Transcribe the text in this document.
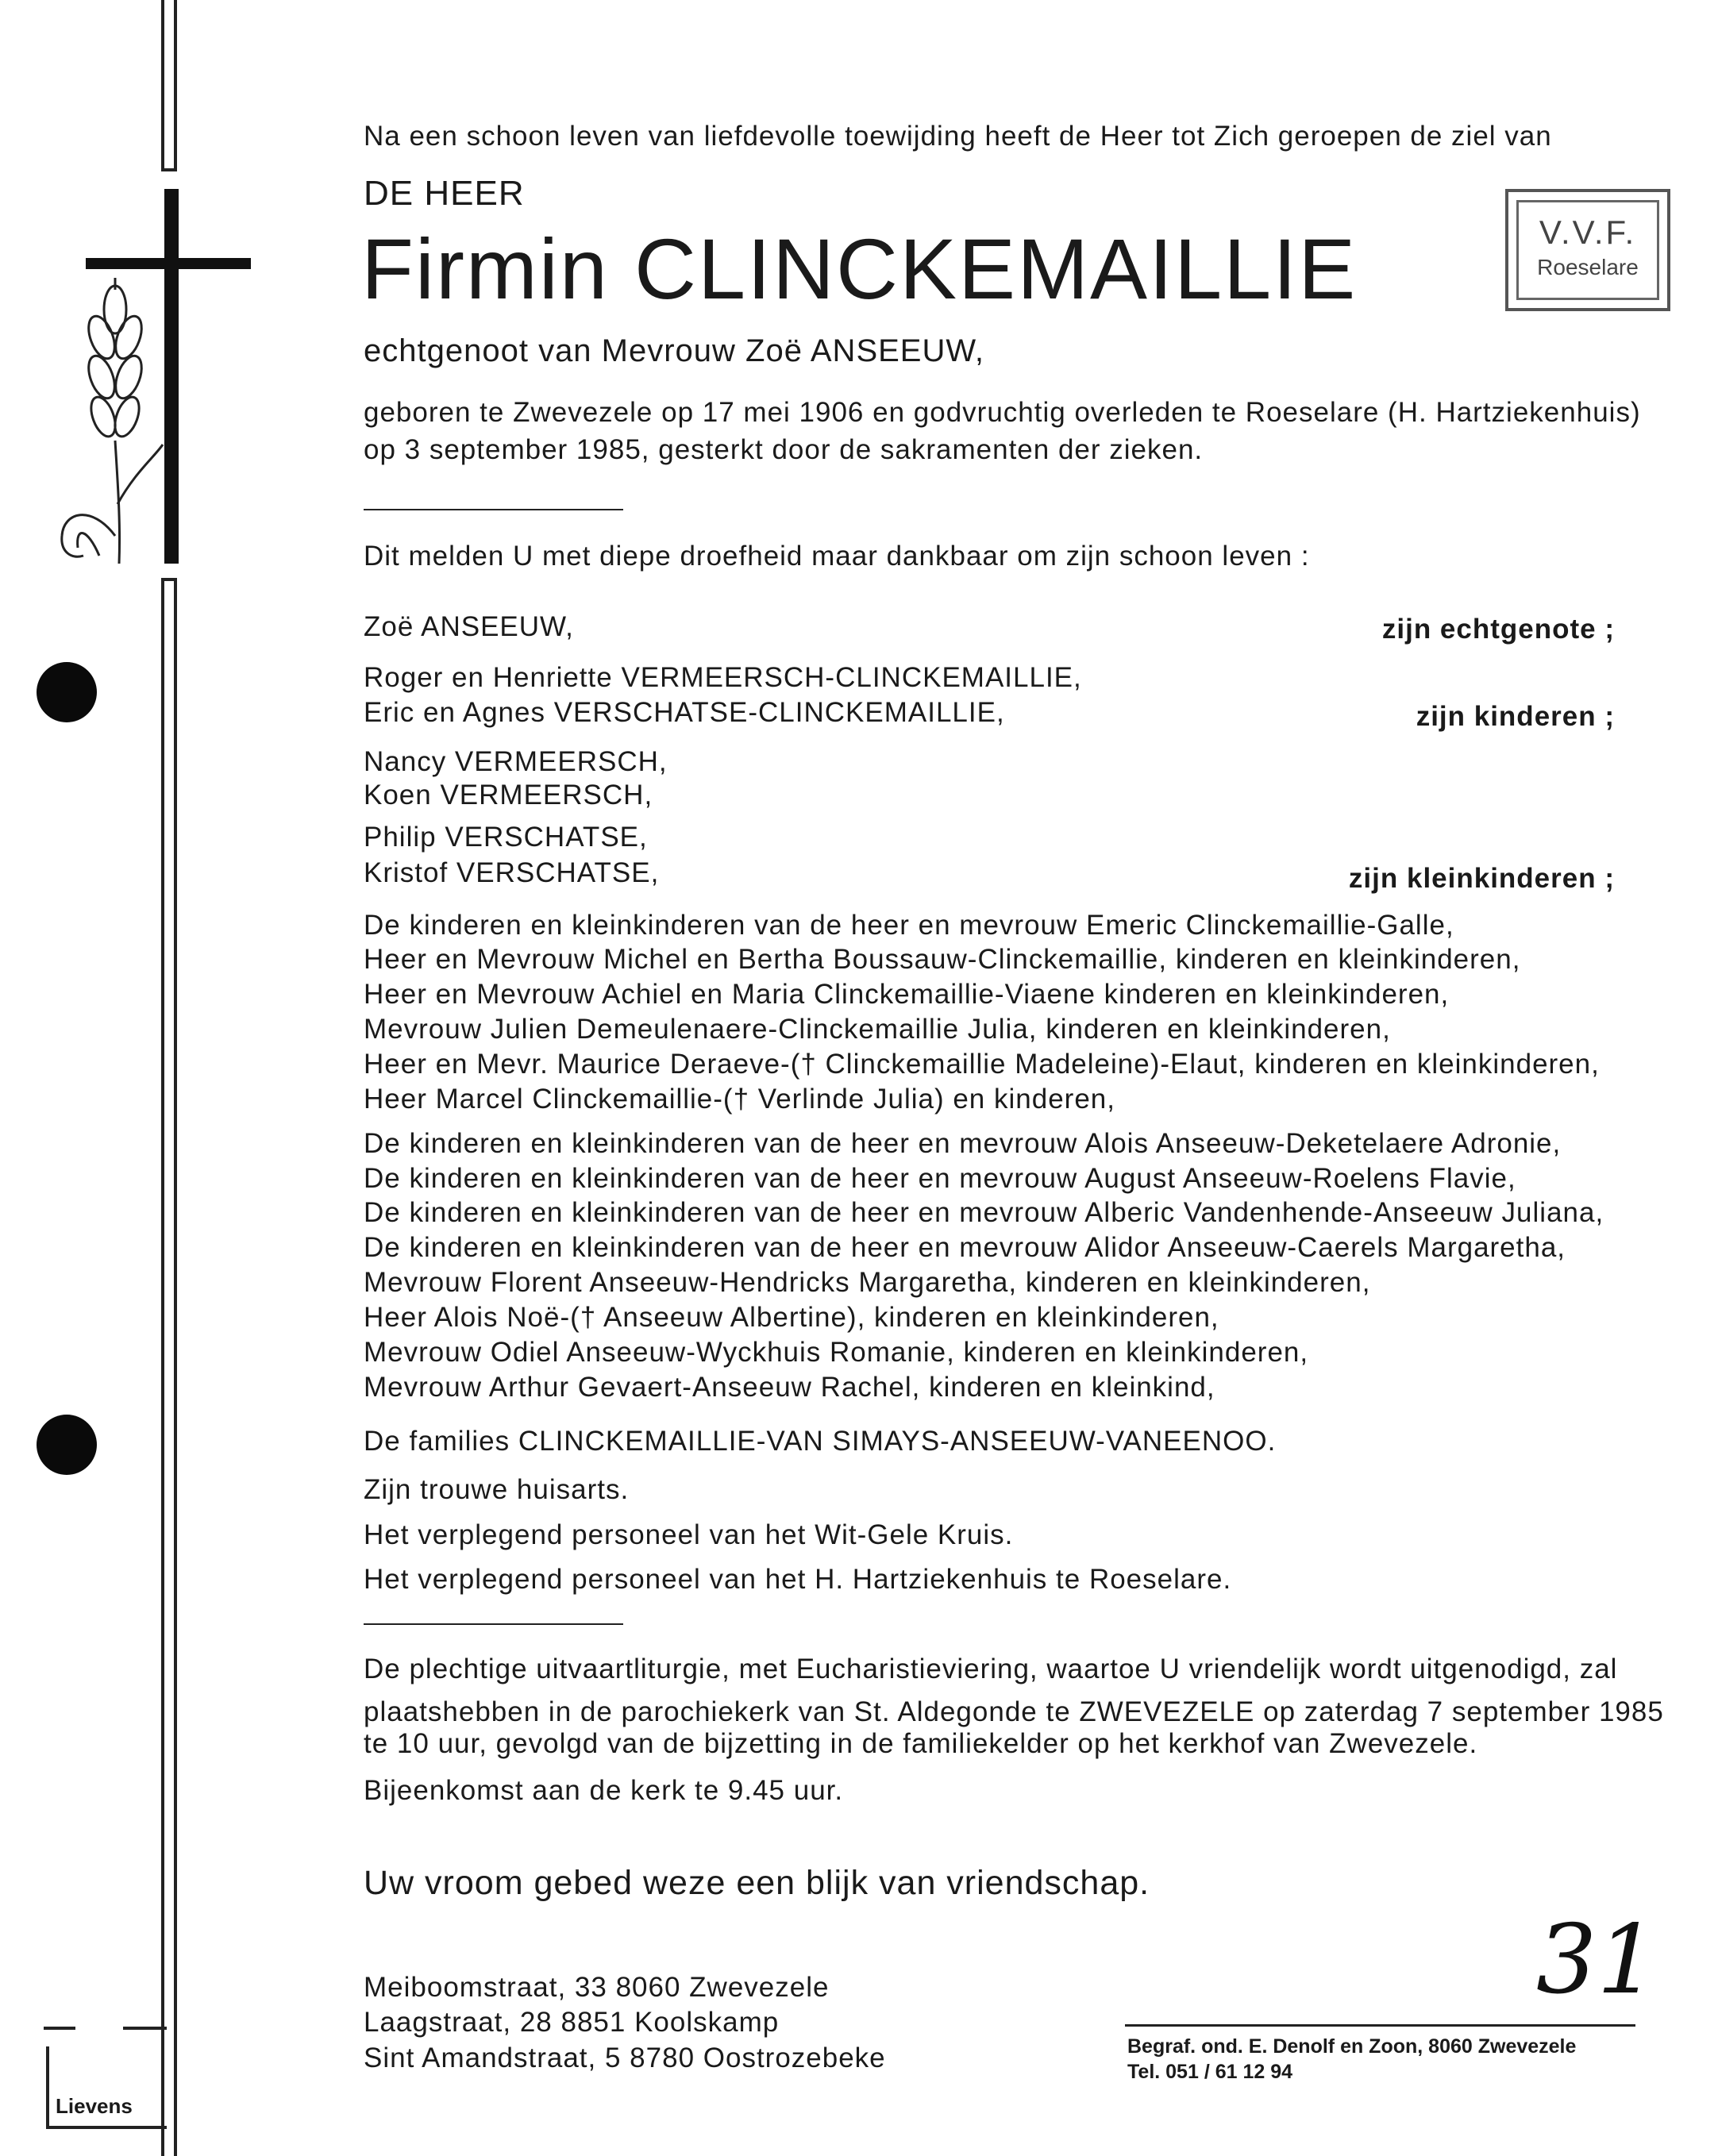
Lievens
V.V.F.
Roeselare
Na een schoon leven van liefdevolle toewijding heeft de Heer tot Zich geroepen de ziel van
DE HEER
Firmin CLINCKEMAILLIE
echtgenoot van Mevrouw Zoë ANSEEUW,
geboren te Zwevezele op 17 mei 1906 en godvruchtig overleden te Roeselare (H. Hartziekenhuis)
op 3 september 1985, gesterkt door de sakramenten der zieken.
Dit melden U met diepe droefheid maar dankbaar om zijn schoon leven :
Zoë ANSEEUW,	zijn echtgenote ;
Roger en Henriette VERMEERSCH-CLINCKEMAILLIE,
Eric en Agnes VERSCHATSE-CLINCKEMAILLIE,	zijn kinderen ;
Nancy VERMEERSCH,
Koen VERMEERSCH,
Philip VERSCHATSE,
Kristof VERSCHATSE,	zijn kleinkinderen ;
De kinderen en kleinkinderen van de heer en mevrouw Emeric Clinckemaillie-Galle,
Heer en Mevrouw Michel en Bertha Boussauw-Clinckemaillie, kinderen en kleinkinderen,
Heer en Mevrouw Achiel en Maria Clinckemaillie-Viaene kinderen en kleinkinderen,
Mevrouw Julien Demeulenaere-Clinckemaillie Julia, kinderen en kleinkinderen,
Heer en Mevr. Maurice Deraeve-(† Clinckemaillie Madeleine)-Elaut, kinderen en kleinkinderen,
Heer Marcel Clinckemaillie-(† Verlinde Julia) en kinderen,
De kinderen en kleinkinderen van de heer en mevrouw Alois Anseeuw-Deketelaere Adronie,
De kinderen en kleinkinderen van de heer en mevrouw August Anseeuw-Roelens Flavie,
De kinderen en kleinkinderen van de heer en mevrouw Alberic Vandenhende-Anseeuw Juliana,
De kinderen en kleinkinderen van de heer en mevrouw Alidor Anseeuw-Caerels Margaretha,
Mevrouw Florent Anseeuw-Hendricks Margaretha, kinderen en kleinkinderen,
Heer Alois Noë-(† Anseeuw Albertine), kinderen en kleinkinderen,
Mevrouw Odiel Anseeuw-Wyckhuis Romanie, kinderen en kleinkinderen,
Mevrouw Arthur Gevaert-Anseeuw Rachel, kinderen en kleinkind,
De families CLINCKEMAILLIE-VAN SIMAYS-ANSEEUW-VANEENOO.
Zijn trouwe huisarts.
Het verplegend personeel van het Wit-Gele Kruis.
Het verplegend personeel van het H. Hartziekenhuis te Roeselare.
De plechtige uitvaartliturgie, met Eucharistieviering, waartoe U vriendelijk wordt uitgenodigd, zal
plaatshebben in de parochiekerk van St. Aldegonde te ZWEVEZELE op zaterdag 7 september 1985
te 10 uur, gevolgd van de bijzetting in de familiekelder op het kerkhof van Zwevezele.
Bijeenkomst aan de kerk te 9.45 uur.
Uw vroom gebed weze een blijk van vriendschap.
Meiboomstraat, 33 8060 Zwevezele
Laagstraat, 28 8851 Koolskamp
Sint Amandstraat, 5 8780 Oostrozebeke
31
Begraf. ond. E. Denolf en Zoon, 8060 Zwevezele
Tel. 051 / 61 12 94
